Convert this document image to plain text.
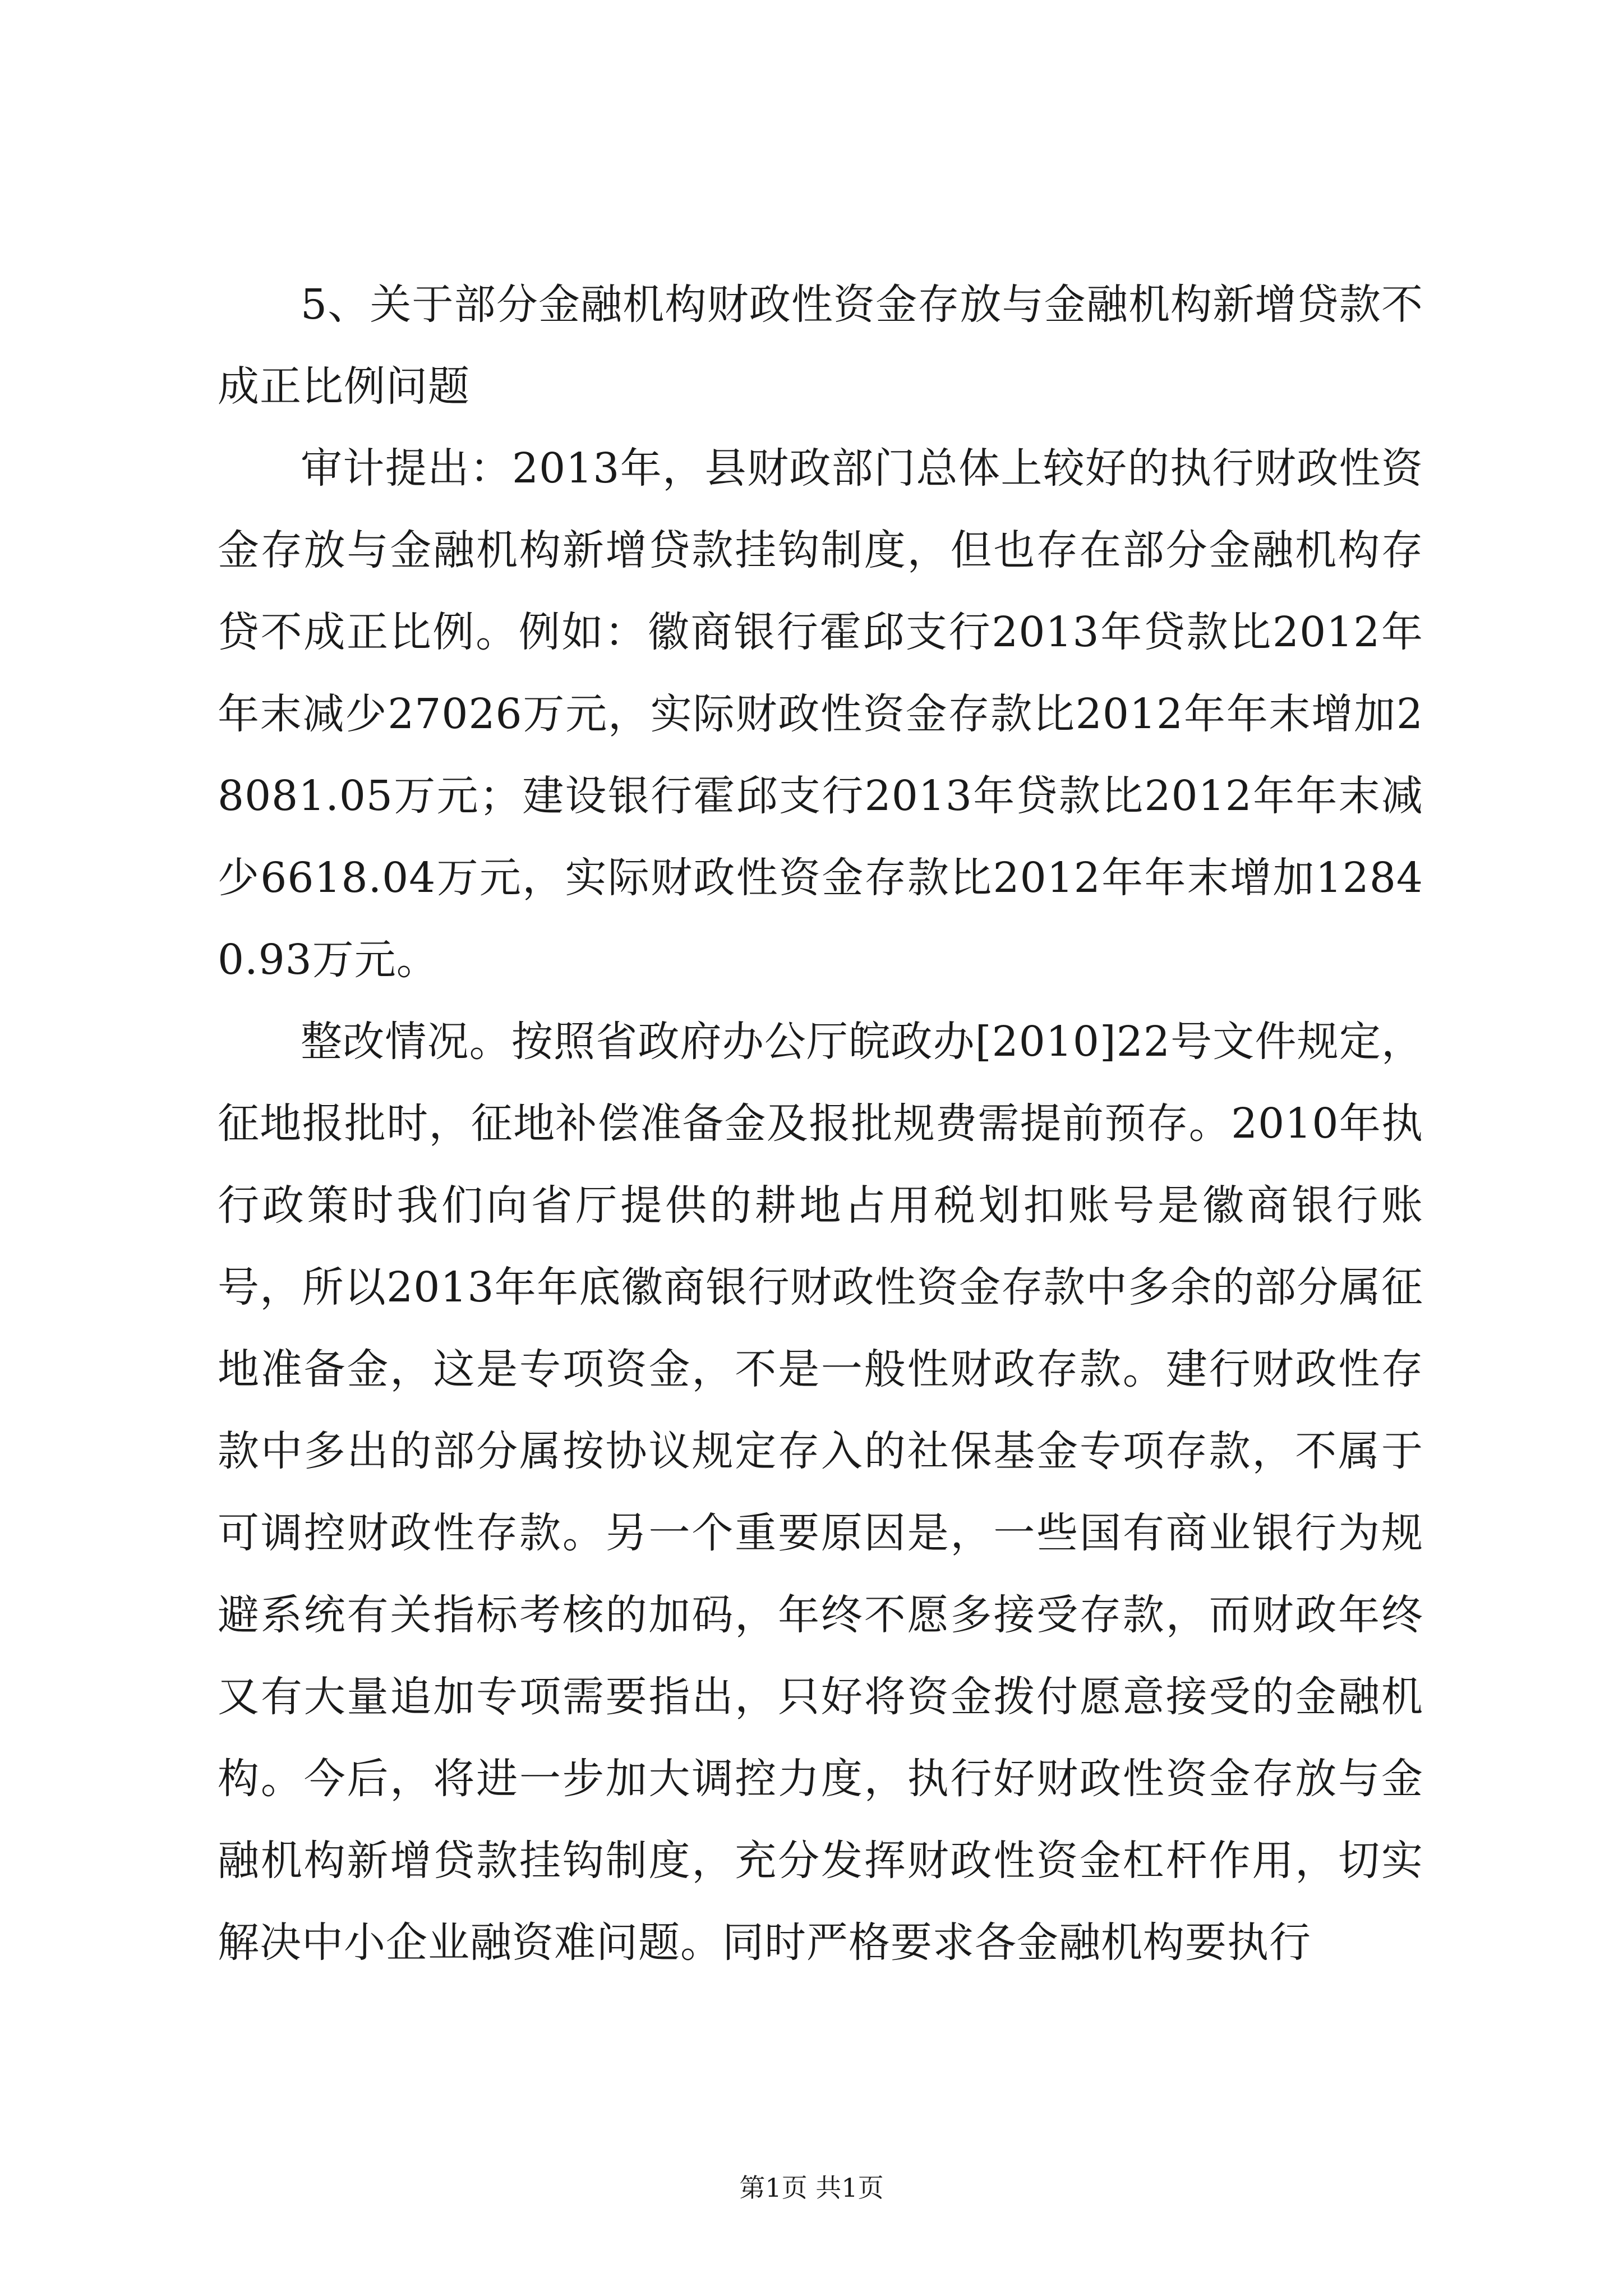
5、关于部分金融机构财政性资金存放与金融机构新增贷款不成正比例问题

审计提出：2013年，县财政部门总体上较好的执行财政性资金存放与金融机构新增贷款挂钩制度，但也存在部分金融机构存贷不成正比例。例如：徽商银行霍邱支行2013年贷款比2012年年末减少27026万元，实际财政性资金存款比2012年年末增加28081.05万元；建设银行霍邱支行2013年贷款比2012年年末减少6618.04万元，实际财政性资金存款比2012年年末增加12840.93万元。

整改情况。按照省政府办公厅皖政办[2010]22号文件规定，征地报批时，征地补偿准备金及报批规费需提前预存。2010年执行政策时我们向省厅提供的耕地占用税划扣账号是徽商银行账号，所以2013年年底徽商银行财政性资金存款中多余的部分属征地准备金，这是专项资金，不是一般性财政存款。建行财政性存款中多出的部分属按协议规定存入的社保基金专项存款，不属于可调控财政性存款。另一个重要原因是，一些国有商业银行为规避系统有关指标考核的加码，年终不愿多接受存款，而财政年终又有大量追加专项需要指出，只好将资金拨付愿意接受的金融机构。今后，将进一步加大调控力度，执行好财政性资金存放与金融机构新增贷款挂钩制度，充分发挥财政性资金杠杆作用，切实解决中小企业融资难问题。同时严格要求各金融机构要执行

第1页 共1页
